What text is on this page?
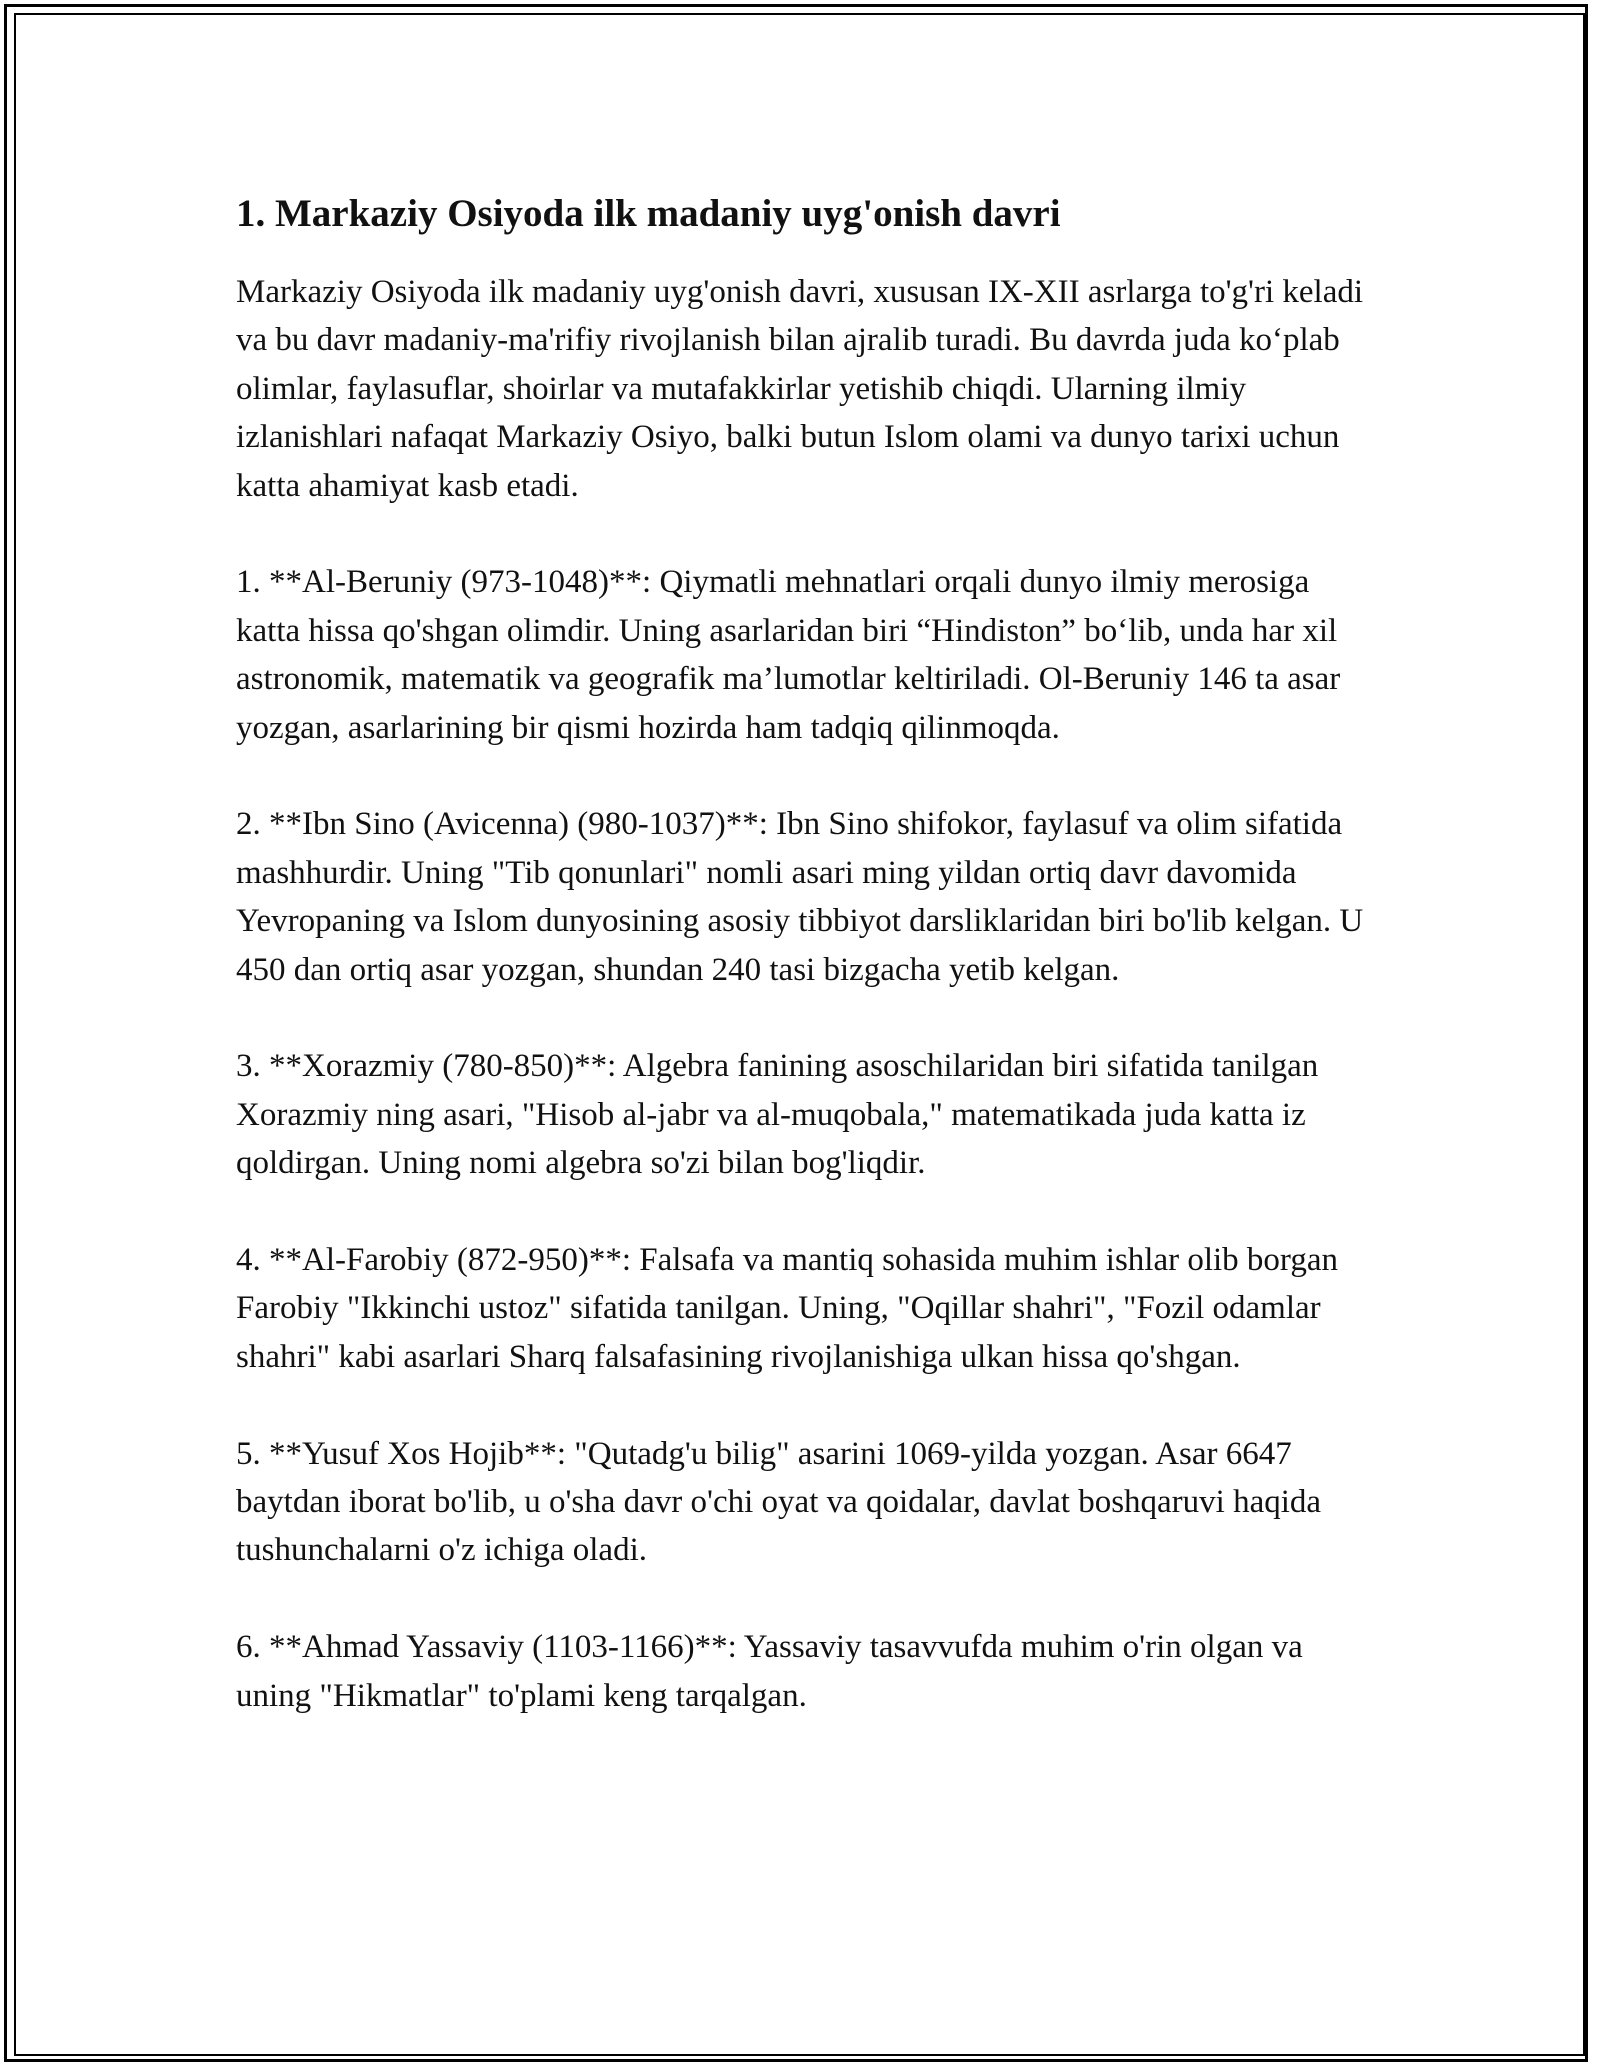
1. Markaziy Osiyoda ilk madaniy uyg'onish davri

Markaziy Osiyoda ilk madaniy uyg'onish davri, xususan IX-XII asrlarga to'g'ri keladi va bu davr madaniy-ma'rifiy rivojlanish bilan ajralib turadi. Bu davrda juda ko‘plab olimlar, faylasuflar, shoirlar va mutafakkirlar yetishib chiqdi. Ularning ilmiy izlanishlari nafaqat Markaziy Osiyo, balki butun Islom olami va dunyo tarixi uchun katta ahamiyat kasb etadi.

1. **Al-Beruniy (973-1048)**: Qiymatli mehnatlari orqali dunyo ilmiy merosiga katta hissa qo'shgan olimdir. Uning asarlaridan biri “Hindiston” bo‘lib, unda har xil astronomik, matematik va geografik ma’lumotlar keltiriladi. Ol-Beruniy 146 ta asar yozgan, asarlarining bir qismi hozirda ham tadqiq qilinmoqda.

2. **Ibn Sino (Avicenna) (980-1037)**: Ibn Sino shifokor, faylasuf va olim sifatida mashhurdir. Uning "Tib qonunlari" nomli asari ming yildan ortiq davr davomida Yevropaning va Islom dunyosining asosiy tibbiyot darsliklaridan biri bo'lib kelgan. U 450 dan ortiq asar yozgan, shundan 240 tasi bizgacha yetib kelgan.

3. **Xorazmiy (780-850)**: Algebra fanining asoschilaridan biri sifatida tanilgan Xorazmiy ning asari, "Hisob al-jabr va al-muqobala," matematikada juda katta iz qoldirgan. Uning nomi algebra so'zi bilan bog'liqdir.

4. **Al-Farobiy (872-950)**: Falsafa va mantiq sohasida muhim ishlar olib borgan Farobiy "Ikkinchi ustoz" sifatida tanilgan. Uning, "Oqillar shahri", "Fozil odamlar shahri" kabi asarlari Sharq falsafasining rivojlanishiga ulkan hissa qo'shgan.

5. **Yusuf Xos Hojib**: "Qutadg'u bilig" asarini 1069-yilda yozgan. Asar 6647 baytdan iborat bo'lib, u o'sha davr o'chi oyat va qoidalar, davlat boshqaruvi haqida tushunchalarni o'z ichiga oladi.

6. **Ahmad Yassaviy (1103-1166)**: Yassaviy tasavvufda muhim o'rin olgan va uning "Hikmatlar" to'plami keng tarqalgan.
